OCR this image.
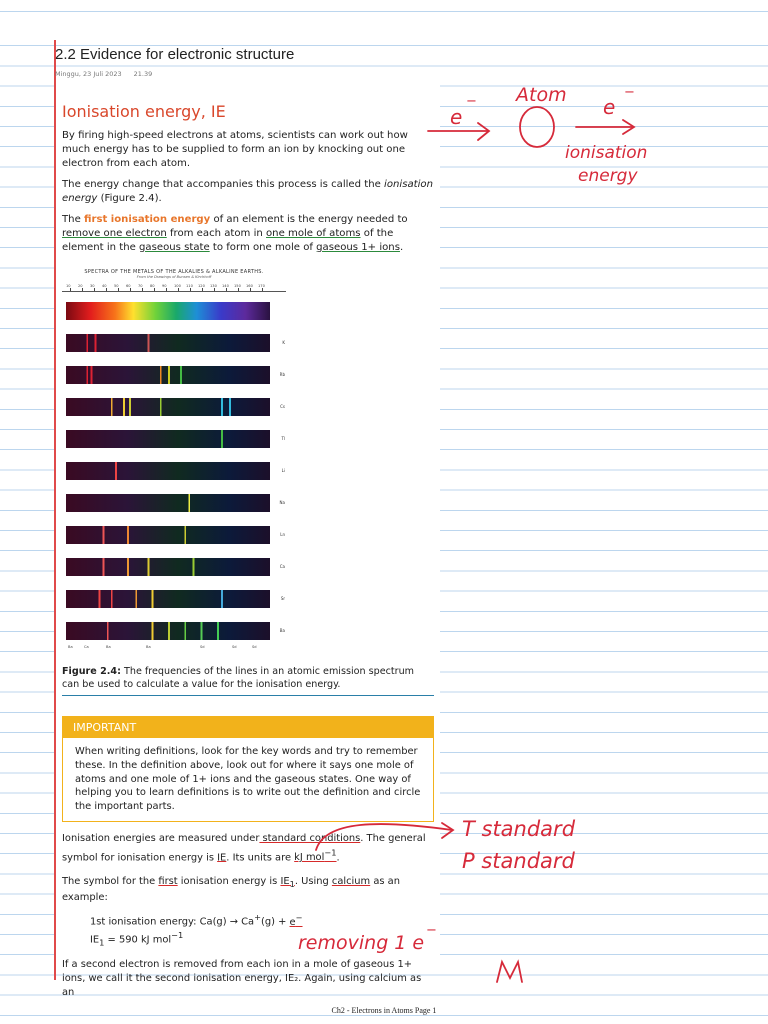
2.2 Evidence for electronic structure
Minggu, 23 Juli 2023 21.39
Ionisation energy, IE

By firing high-speed electrons at atoms, scientists can work out how much energy has to be supplied to form an ion by knocking out one electron from each atom.

The energy change that accompanies this process is called the ionisation energy (Figure 2.4).

The first ionisation energy of an element is the energy needed to remove one electron from each atom in one mole of atoms of the element in the gaseous state to form one mole of gaseous 1+ ions.

SPECTRA OF THE METALS OF THE ALKALIES & ALKALINE EARTHS.
From the Drawings of Bunsen & Kirchhoff
10 20 30 40 50 60 70 80 90 100 110 120 130 140 150 160 170
K
Rb
Cs
Tl
Li
Na
Ln
Ca
Sr
Ba
Ba	Ca	Ba	Ba	Sd	Sd	Sd

Figure 2.4: The frequencies of the lines in an atomic emission spectrum can be used to calculate a value for the ionisation energy.

IMPORTANT
When writing definitions, look for the key words and try to remember these. In the definition above, look out for where it says one mole of atoms and one mole of 1+ ions and the gaseous states. One way of helping you to learn definitions is to write out the definition and circle the important parts.

Ionisation energies are measured under standard conditions. The general symbol for ionisation energy is IE. Its units are kJ mol$^{-1}$.

The symbol for the first ionisation energy is $IE_1$. Using calcium as an example:

1st ionisation energy: Ca(g) → Ca+(g) + e−
$IE_1 = 590$ kJ mol$^{-1}$

If a second electron is removed from each ion in a mole of gaseous 1+ ions, we call it the second ionisation energy, IE₂. Again, using calcium as an

Atom
e
−	e
−
ionisation
energy
T standard
P standard
removing 1 e
−
Ch2 - Electrons in Atoms Page 1
